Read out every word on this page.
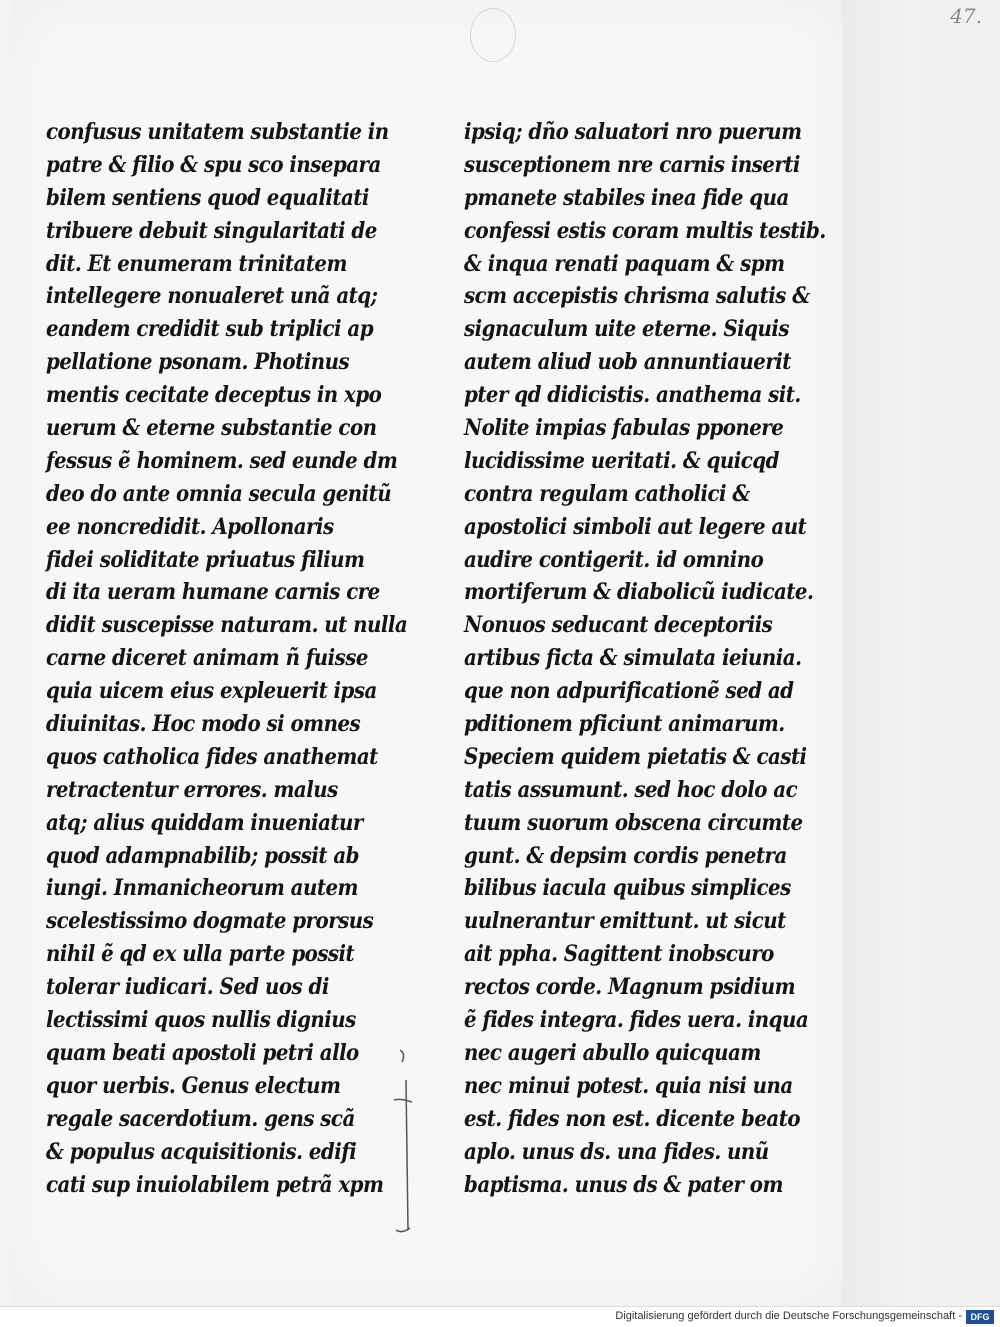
confusus unitatem substantie in
patre & filio & spu sco inseparа
bilem sentiens quod equalitati
tribuere debuit singularitati de
dit. Et enumeram trinitatem
intellegere nonualeret unã atq;
eandem credidit sub triplici ap
pellatione psonam. Photinus
mentis cecitate deceptus in xpo
uerum & eterne substantie con
fessus ẽ hominem. sed eunde dm
deo do ante omnia secula genitũ
ee noncredidit. Apollonaris
fidei soliditate priuatus filium
di ita ueram humane carnis cre
didit suscepisse naturam. ut nulla
carne diceret animam ñ fuisse
quia uicem eius expleuerit ipsa
diuinitas. Hoc modo si omnes
quos catholica fides anathemat
retractentur errores. malus
atq; alius quiddam inueniatur
quod adampnabilib; possit ab
iungi. Inmanicheorum autem
scelestissimo dogmate prorsus
nihil ẽ qd ex ulla parte possit
tolerar iudicari. Sed uos di
lectissimi quos nullis dignius
quam beati apostoli petri allo
quor uerbis. Genus electum
regale sacerdotium. gens scã
& populus acquisitionis. edifi
cati sup inuiolabilem petrã xpm
ipsiq; dño saluatori nro puerum
susceptionem nre carnis inserti
pmanete stabiles inea fide qua
confessi estis coram multis testib.
& inqua renati paquam & spm
scm accepistis chrisma salutis &
signaculum uite eterne. Siquis
autem aliud uob annuntiauerit
pter qd didicistis. anathema sit.
Nolite impias fabulas pponere
lucidissime ueritati. & quicqd
contra regulam catholici &
apostolici simboli aut legere aut
audire contigerit. id omnino
mortiferum & diabolicũ iudicate.
Nonuos seducant deceptoriis
artibus ficta & simulata ieiunia.
que non adpurificationẽ sed ad
pditionem pficiunt animarum.
Speciem quidem pietatis & casti
tatis assumunt. sed hoc dolo ac
tuum suorum obscena circumte
gunt. & depsim cordis penetra
bilibus iacula quibus simplices
uulnerantur emittunt. ut sicut
ait ppha. Sagittent inobscuro
rectos corde. Magnum psidium
ẽ fides integra. fides uera. inqua
nec augeri abullo quicquam
nec minui potest. quia nisi una
est. fides non est. dicente beato
aplo. unus ds. una fides. unũ
baptisma. unus ds & pater om
47.
Digitalisierung gefördert durch die Deutsche Forschungsgemeinschaft - DFG
